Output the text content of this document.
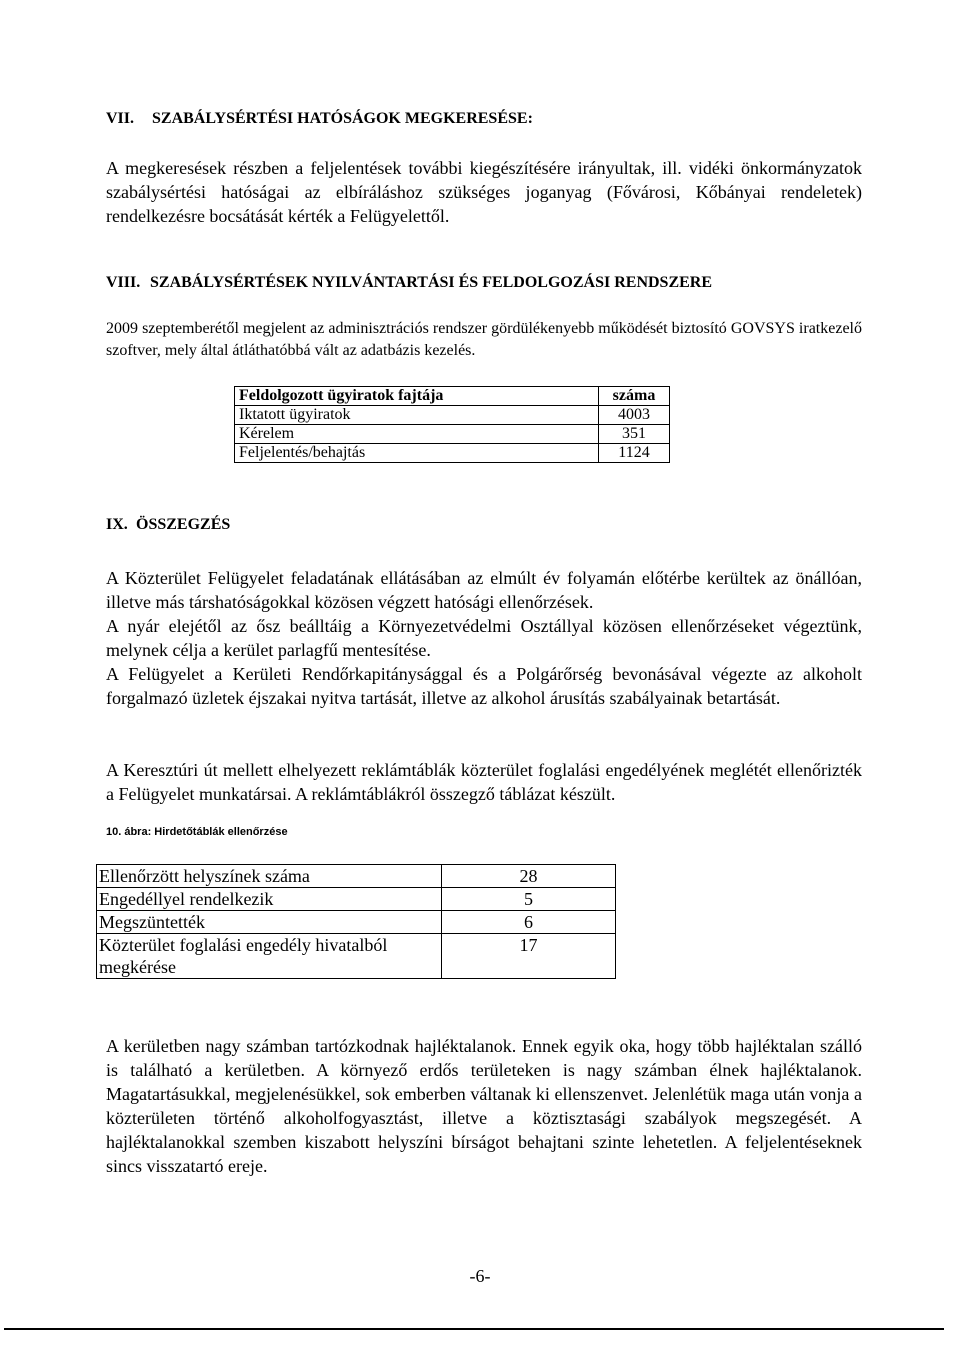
VII. SZABÁLYSÉRTÉSI HATÓSÁGOK MEGKERESÉSE:
A megkeresések részben a feljelentések további kiegészítésére irányultak, ill. vidéki önkormányzatok szabálysértési hatóságai az elbíráláshoz szükséges joganyag (Fővárosi, Kőbányai rendeletek) rendelkezésre bocsátását kérték a Felügyelettől.
VIII. SZABÁLYSÉRTÉSEK NYILVÁNTARTÁSI ÉS FELDOLGOZÁSI RENDSZERE
2009 szeptemberétől megjelent az adminisztrációs rendszer gördülékenyebb működését biztosító GOVSYS iratkezelő szoftver, mely által átláthatóbbá vált az adatbázis kezelés.
Feldolgozott ügyiratok fajtája	száma
Iktatott ügyiratok	4003
Kérelem	351
Feljelentés/behajtás	1124
IX. ÖSSZEGZÉS
A Közterület Felügyelet feladatának ellátásában az elmúlt év folyamán előtérbe kerültek az önállóan, illetve más társhatóságokkal közösen végzett hatósági ellenőrzések.
A nyár elejétől az ősz beálltáig a Környezetvédelmi Osztállyal közösen ellenőrzéseket végeztünk, melynek célja a kerület parlagfű mentesítése.
A Felügyelet a Kerületi Rendőrkapitánysággal és a Polgárőrség bevonásával végezte az alkoholt forgalmazó üzletek éjszakai nyitva tartását, illetve az alkohol árusítás szabályainak betartását.
A Keresztúri út mellett elhelyezett reklámtáblák közterület foglalási engedélyének meglétét ellenőrizték a Felügyelet munkatársai. A reklámtáblákról összegző táblázat készült.
10. ábra: Hirdetőtáblák ellenőrzése
Ellenőrzött helyszínek száma	28
Engedéllyel rendelkezik	5
Megszüntették	6
Közterület foglalási engedély hivatalból megkérése	17
A kerületben nagy számban tartózkodnak hajléktalanok. Ennek egyik oka, hogy több hajléktalan szálló is található a kerületben. A környező erdős területeken is nagy számban élnek hajléktalanok. Magatartásukkal, megjelenésükkel, sok emberben váltanak ki ellenszenvet. Jelenlétük maga után vonja a közterületen történő alkoholfogyasztást, illetve a köztisztasági szabályok megszegését. A hajléktalanokkal szemben kiszabott helyszíni bírságot behajtani szinte lehetetlen. A feljelentéseknek sincs visszatartó ereje.
-6-
